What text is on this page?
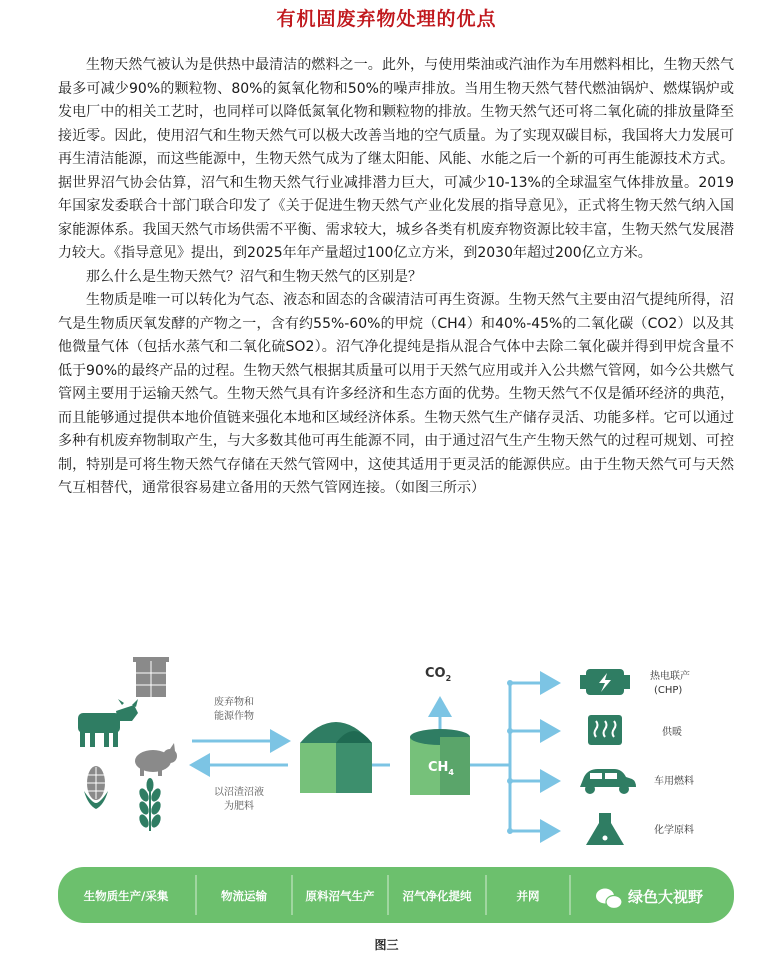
有机固废弃物处理的优点

生物天然气被认为是供热中最清洁的燃料之一。此外，与使用柴油或汽油作为车用燃料相比，生物天然气最多可减少90%的颗粒物、80%的氮氧化物和50%的噪声排放。当用生物天然气替代燃油锅炉、燃煤锅炉或发电厂中的相关工艺时，也同样可以降低氮氧化物和颗粒物的排放。生物天然气还可将二氧化硫的排放量降至接近零。因此，使用沼气和生物天然气可以极大改善当地的空气质量。为了实现双碳目标，我国将大力发展可再生清洁能源，而这些能源中，生物天然气成为了继太阳能、风能、水能之后一个新的可再生能源技术方式。据世界沼气协会估算，沼气和生物天然气行业减排潜力巨大，可减少10-13%的全球温室气体排放量。2019年国家发委联合十部门联合印发了《关于促进生物天然气产业化发展的指导意见》，正式将生物天然气纳入国家能源体系。我国天然气市场供需不平衡、需求较大，城乡各类有机废弃物资源比较丰富，生物天然气发展潜力较大。《指导意见》提出，到2025年年产量超过100亿立方米，到2030年超过200亿立方米。

那么什么是生物天然气？沼气和生物天然气的区别是？

生物质是唯一可以转化为气态、液态和固态的含碳清洁可再生资源。生物天然气主要由沼气提纯所得，沼气是生物质厌氧发酵的产物之一，含有约55%-60%的甲烷（CH4）和40%-45%的二氧化碳（CO2）以及其他微量气体（包括水蒸气和二氧化硫SO2）。沼气净化提纯是指从混合气体中去除二氧化碳并得到甲烷含量不低于90%的最终产品的过程。生物天然气根据其质量可以用于天然气应用或并入公共燃气管网，如今公共燃气管网主要用于运输天然气。生物天然气具有许多经济和生态方面的优势。生物天然气不仅是循环经济的典范，而且能够通过提供本地价值链来强化本地和区域经济体系。生物天然气生产储存灵活、功能多样。它可以通过多种有机废弃物制取产生，与大多数其他可再生能源不同，由于通过沼气生产生物天然气的过程可规划、可控制，特别是可将生物天然气存储在天然气管网中，这使其适用于更灵活的能源供应。由于生物天然气可与天然气互相替代，通常很容易建立备用的天然气管网连接。（如图三所示）

生物质生产/采集	物流运输	原料沼气生产 沼气净化提纯	并网	绿色大视野
废弃物和能源作物
以沼渣沼液为肥料
$CH_4$
$CO_2$	热电联产(CHP)
供暖
车用燃料
化学原料
图三
